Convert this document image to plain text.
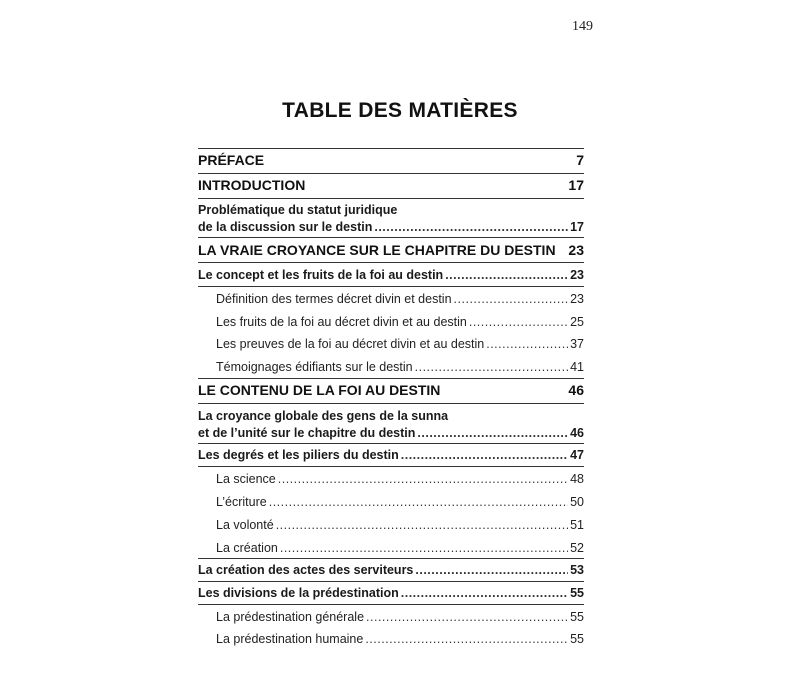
149
TABLE DES MATIÈRES
PRÉFACE	7
INTRODUCTION	17
Problématique du statut juridique
de la discussion sur le destin .....	17
LA VRAIE CROYANCE SUR LE CHAPITRE DU DESTIN 23
Le concept et les fruits de la foi au destin .....	23
Définition des termes décret divin et destin .....	23
Les fruits de la foi au décret divin et au destin .....	25
Les preuves de la foi au décret divin et au destin .....	37
Témoignages édifiants sur le destin .....	41
LE CONTENU DE LA FOI AU DESTIN	46
La croyance globale des gens de la sunna
et de l’unité sur le chapitre du destin .....	46
Les degrés et les piliers du destin .....	47
La science .....	48
L’écriture .....	50
La volonté .....	51
La création .....	52
La création des actes des serviteurs .....	53
Les divisions de la prédestination .....	55
La prédestination générale .....	55
La prédestination humaine .....	55
